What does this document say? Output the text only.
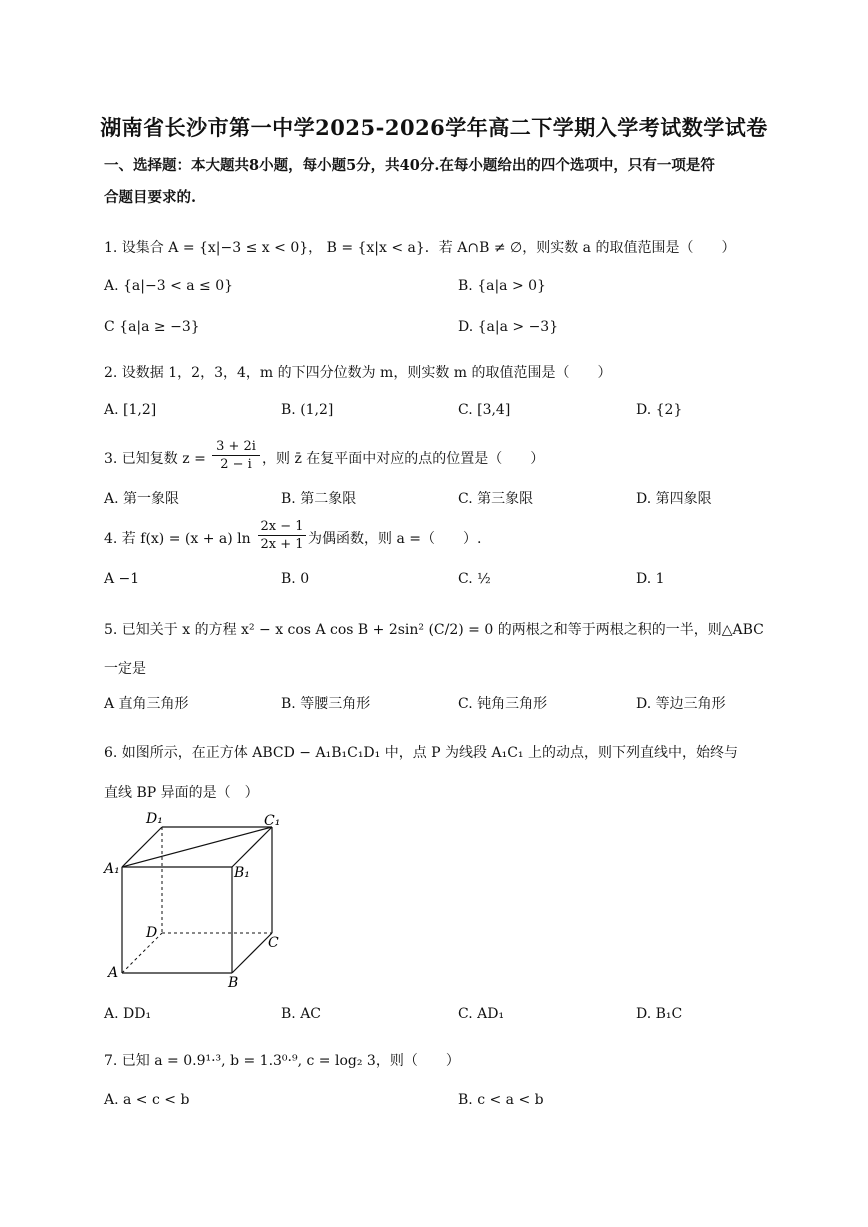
湖南省长沙市第一中学2025-2026学年高二下学期入学考试数学试卷
一、选择题：本大题共8小题，每小题5分，共40分.在每小题给出的四个选项中，只有一项是符
合题目要求的.
1. 设集合 A = {x|−3 ≤ x < 0}， B = {x|x < a}．若 A∩B ≠ ∅，则实数 a 的取值范围是（　　）
A. {a|−3 < a ≤ 0}	B. {a|a > 0}
C {a|a ≥ −3}	D. {a|a > −3}
2. 设数据 1，2，3，4，m 的下四分位数为 m，则实数 m 的取值范围是（　　）
A. [1,2]	B. (1,2]	C. [3,4]	D. {2}
3. 已知复数 $z = \frac{3 + 2i}{2 - i}$ ，则 z̄ 在复平面中对应的点的位置是（　　）
A. 第一象限	B. 第二象限	C. 第三象限	D. 第四象限
4. 若 f(x) = (x + a) $\ln \frac{2x - 1}{2x + 1}$ 为偶函数，则 a =（　　）.
A −1	B. 0	C. ½	D. 1
5. 已知关于 x 的方程 x² − x cos A cos B + 2sin² (C/2) = 0 的两根之和等于两根之积的一半，则△ABC
一定是
A 直角三角形	B. 等腰三角形	C. 钝角三角形	D. 等边三角形
6. 如图所示，在正方体 ABCD − A₁B₁C₁D₁ 中，点 P 为线段 A₁C₁ 上的动点，则下列直线中，始终与
直线 BP 异面的是（　）
D₁	C₁
A₁	B₁
D
C
A
B
A. DD₁	B. AC	C. AD₁	D. B₁C
7. 已知 a = 0.9¹·³, b = 1.3⁰·⁹, c = log₂ 3，则（　　）
A. a < c < b	B. c < a < b
